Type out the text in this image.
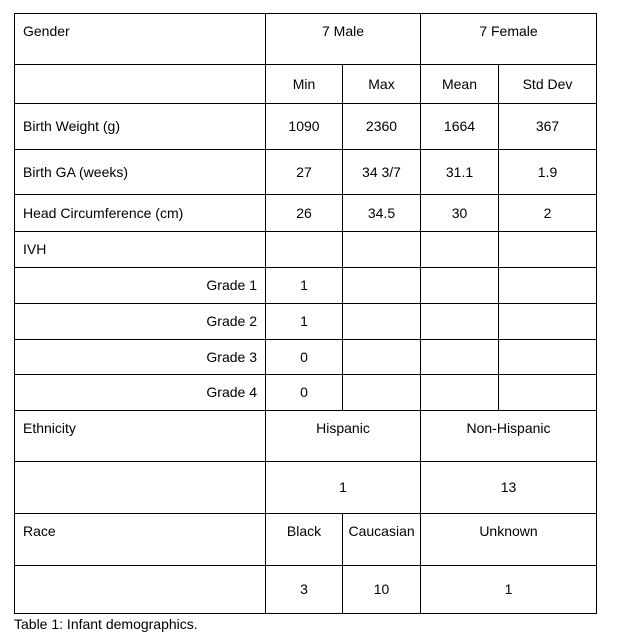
Gender	7 Male		7 Female	
	Min	Max	Mean	Std Dev
Birth Weight (g)	1090	2360	1664	367
Birth GA (weeks)	27	34 3/7	31.1	1.9
Head Circumference (cm)	26	34.5	30	2
IVH				
Grade 1	1			
Grade 2	1			
Grade 3	0			
Grade 4	0			
Ethnicity	Hispanic		Non-Hispanic	
	1		13	
Race	Black	Caucasian	Unknown	
	3	10	1	
Table 1: Infant demographics.
